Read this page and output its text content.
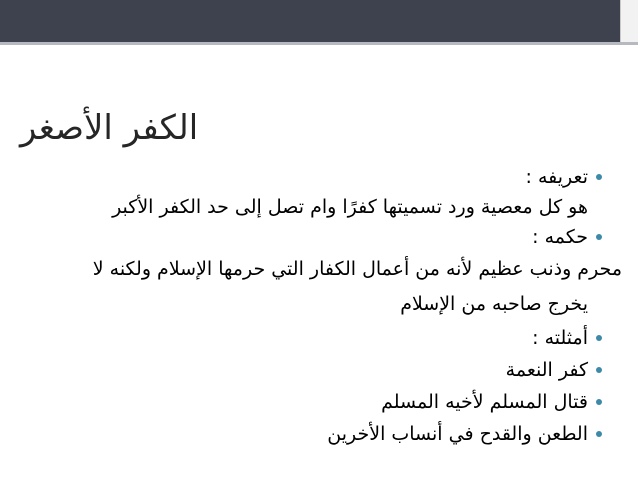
الكفر الأصغر
تعريفه :
هو كل معصية ورد تسميتها كفرًا وام تصل إلى حد الكفر الأكبر
حكمه :
محرم وذنب عظيم لأنه من أعمال الكفار التي حرمها الإسلام ولكنه لا
يخرج صاحبه من الإسلام
أمثلته :
كفر النعمة
قتال المسلم لأخيه المسلم
الطعن والقدح في أنساب الأخرين
